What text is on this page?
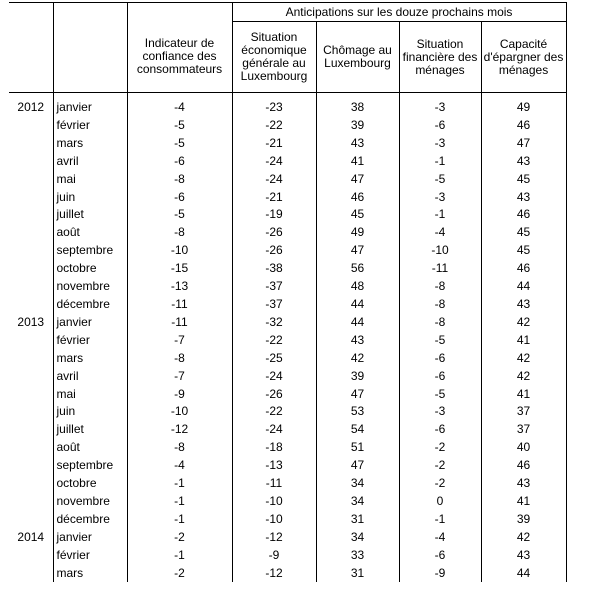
			Anticipations sur les douze prochains mois			
		Indicateur de confiance des consommateurs	Situation économique générale au Luxembourg	Chômage au Luxembourg	Situation financière des ménages	Capacité d'épargner des ménages
2012	janvier	-4	-23	38	-3	49
	février	-5	-22	39	-6	46
	mars	-5	-21	43	-3	47
	avril	-6	-24	41	-1	43
	mai	-8	-24	47	-5	45
	juin	-6	-21	46	-3	43
	juillet	-5	-19	45	-1	46
	août	-8	-26	49	-4	45
	septembre	-10	-26	47	-10	45
	octobre	-15	-38	56	-11	46
	novembre	-13	-37	48	-8	44
	décembre	-11	-37	44	-8	43
2013	janvier	-11	-32	44	-8	42
	février	-7	-22	43	-5	41
	mars	-8	-25	42	-6	42
	avril	-7	-24	39	-6	42
	mai	-9	-26	47	-5	41
	juin	-10	-22	53	-3	37
	juillet	-12	-24	54	-6	37
	août	-8	-18	51	-2	40
	septembre	-4	-13	47	-2	46
	octobre	-1	-11	34	-2	43
	novembre	-1	-10	34	0	41
	décembre	-1	-10	31	-1	39
2014	janvier	-2	-12	34	-4	42
	février	-1	-9	33	-6	43
	mars	-2	-12	31	-9	44
